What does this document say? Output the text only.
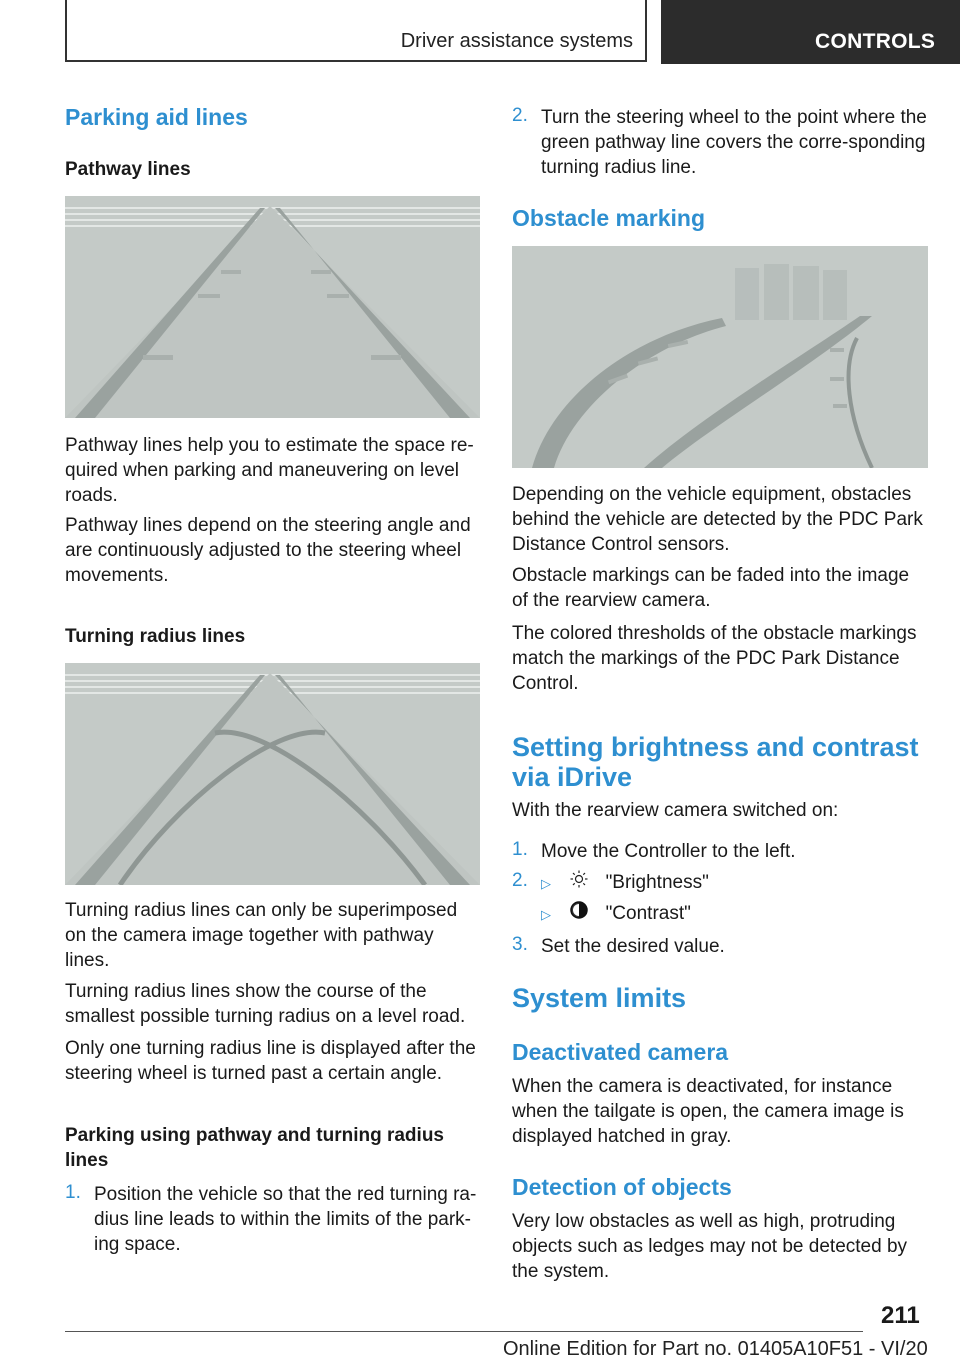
Driver assistance systems	CONTROLS
Parking aid lines
Pathway lines

Pathway lines help you to estimate the space re-quired when parking and maneuvering on level roads.

Pathway lines depend on the steering angle and are continuously adjusted to the steering wheel movements.

Turning radius lines

Turning radius lines can only be superimposed on the camera image together with pathway lines.

Turning radius lines show the course of the smallest possible turning radius on a level road.

Only one turning radius line is displayed after the steering wheel is turned past a certain angle.

Parking using pathway and turning radius lines
1. Position the vehicle so that the red turning ra-dius line leads to within the limits of the park-ing space.
2. Turn the steering wheel to the point where the green pathway line covers the corre-sponding turning radius line.
Obstacle marking

Depending on the vehicle equipment, obstacles behind the vehicle are detected by the PDC Park Distance Control sensors.

Obstacle markings can be faded into the image of the rearview camera.

The colored thresholds of the obstacle markings match the markings of the PDC Park Distance Control.

Setting brightness and contrast via iDrive

With the rearview camera switched on:

1. Move the Controller to the left.
2. ▷	"Brightness"
▷	"Contrast"
3. Set the desired value.
System limits
Deactivated camera

When the camera is deactivated, for instance when the tailgate is open, the camera image is displayed hatched in gray.

Detection of objects

Very low obstacles as well as high, protruding objects such as ledges may not be detected by the system.

211
Online Edition for Part no. 01405A10F51 - VI/20
